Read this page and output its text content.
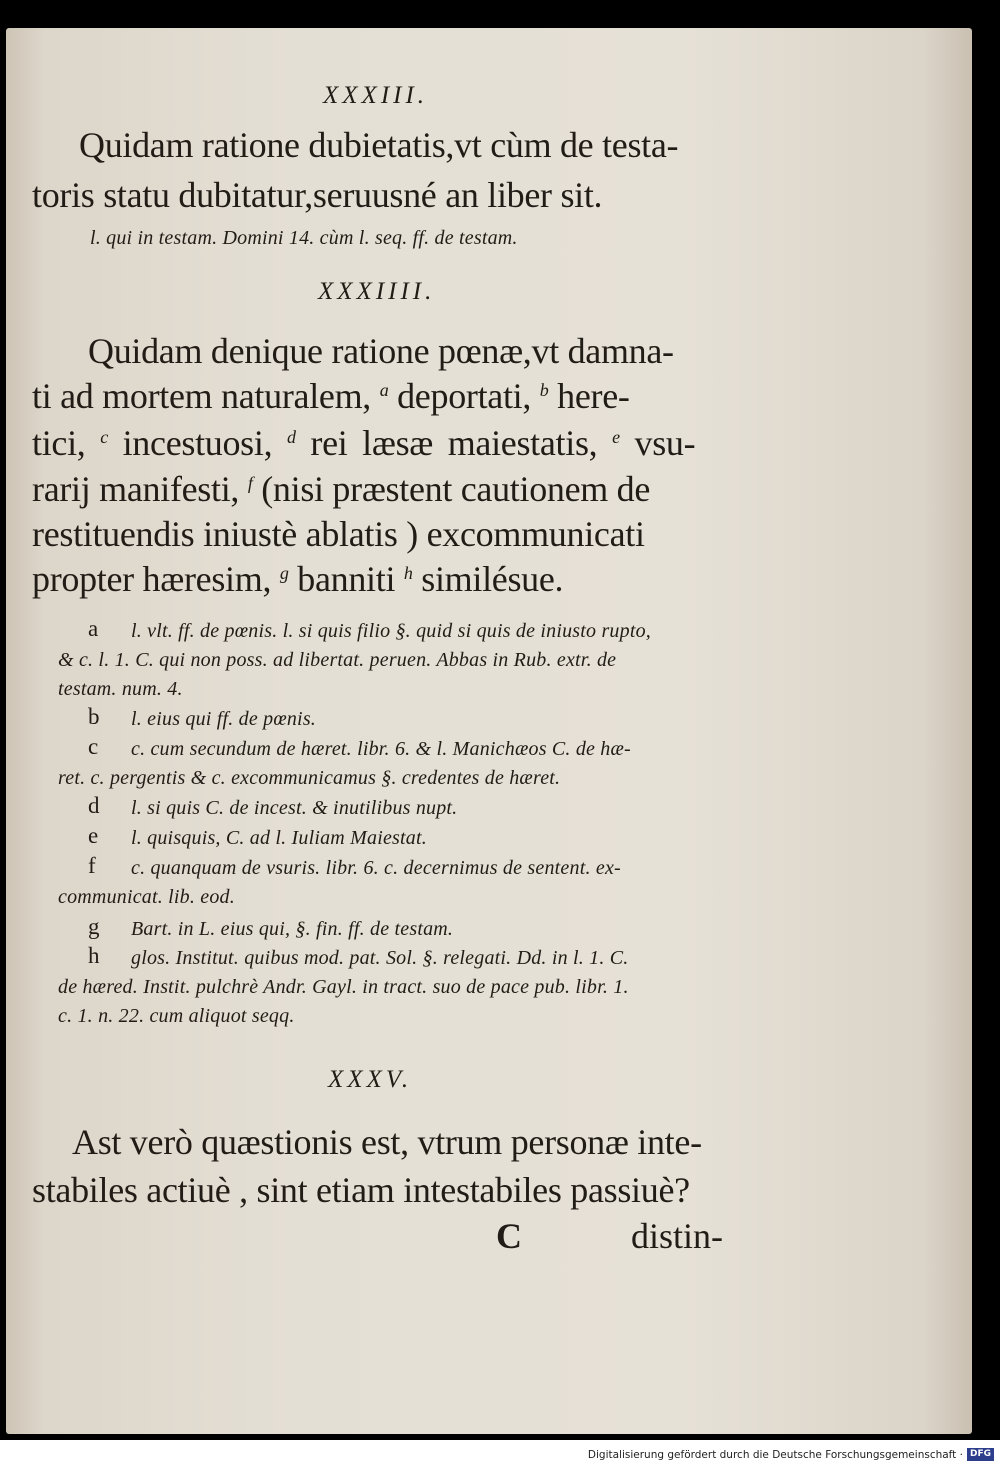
XXXIII.
Quidam ratione dubietatis,vt cùm de testa-
toris statu dubitatur,seruusné an liber sit.
l. qui in testam. Domini 14. cùm l. seq. ff. de testam.
XXXIIII.
Quidam denique ratione pœnæ,vt damna-
ti ad mortem naturalem, $^a$ deportati, $^b$ here-
tici, $^c$ incestuosi, $^d$ rei læsæ maiestatis, $^e$ vsu-
rarij manifesti, $^f$ (nisi præstent cautionem de
restituendis iniustè ablatis ) excommunicati
propter hæresim, $^g$ banniti $^h$ similésue.
a l. vlt. ff. de pœnis. l. si quis filio §. quid si quis de iniusto rupto,
& c. l. 1. C. qui non poss. ad libertat. peruen. Abbas in Rub. extr. de
testam. num. 4.
b l. eius qui ff. de pœnis.
c c. cum secundum de hæret. libr. 6. & l. Manichæos C. de hæ-
ret. c. pergentis & c. excommunicamus §. credentes de hæret.
d l. si quis C. de incest. & inutilibus nupt.
e l. quisquis, C. ad l. Iuliam Maiestat.
f c. quanquam de vsuris. libr. 6. c. decernimus de sentent. ex-
communicat. lib. eod.
g Bart. in L. eius qui, §. fin. ff. de testam.
h glos. Institut. quibus mod. pat. Sol. §. relegati. Dd. in l. 1. C.
de hæred. Instit. pulchrè Andr. Gayl. in tract. suo de pace pub. libr. 1.
c. 1. n. 22. cum aliquot seqq.
XXXV.
Ast verò quæstionis est, vtrum personæ inte-
stabiles actiuè , sint etiam intestabiles passiuè?
C	distin-
Digitalisierung gefördert durch die Deutsche Forschungsgemeinschaft · DFG
